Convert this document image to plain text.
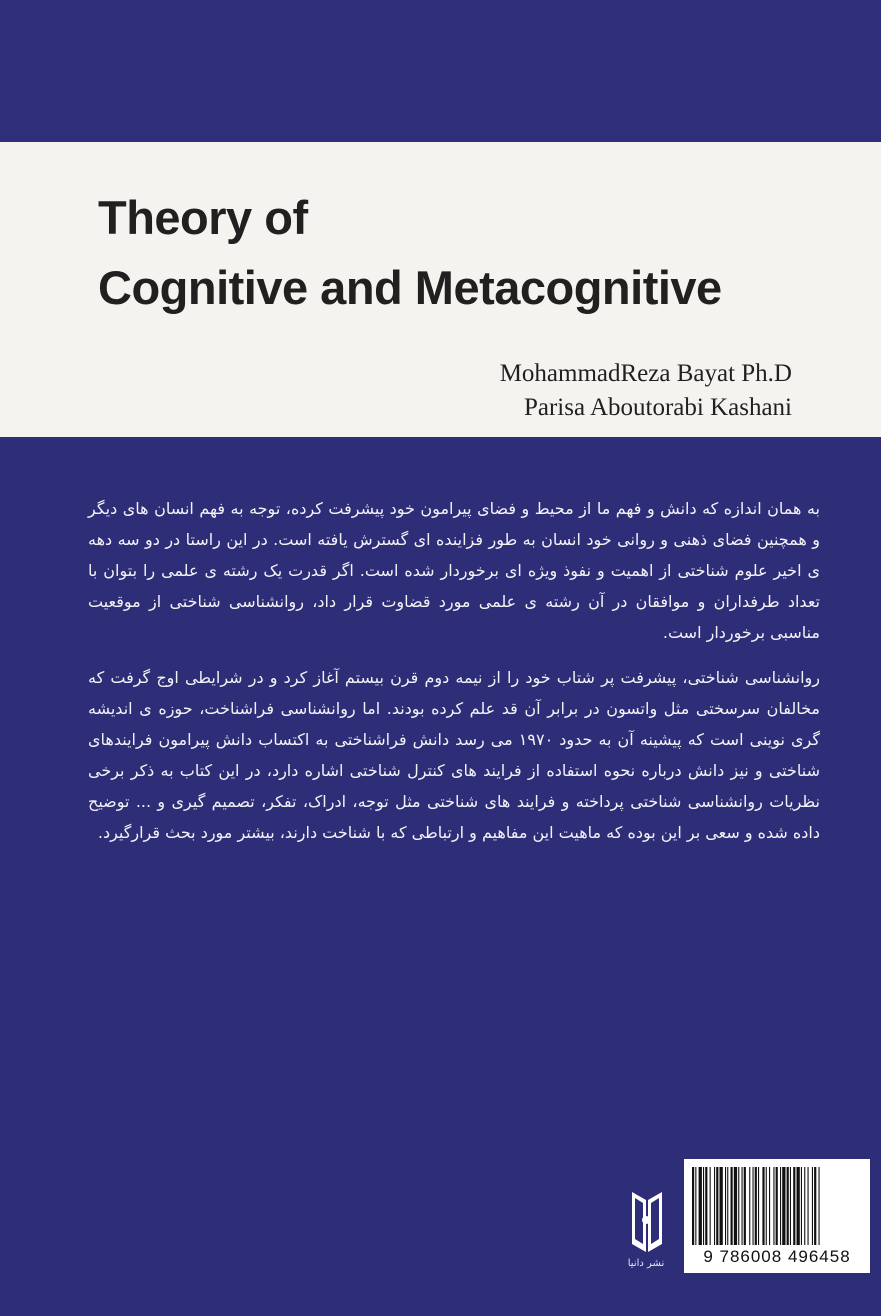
Theory of
Cognitive and Metacognitive
MohammadReza Bayat Ph.D
Parisa Aboutorabi Kashani

به همان اندازه که دانش و فهم ما از محیط و فضای پیرامون خود پیشرفت کرده، توجه به فهم انسان های دیگر و همچنین فضای ذهنی و روانی خود انسان به طور فزاینده ای گسترش یافته است. در این راستا در دو سه دهه ی اخیر علوم شناختی از اهمیت و نفوذ ویژه ای برخوردار شده است. اگر قدرت یک رشته ی علمی را بتوان با تعداد طرفداران و موافقان در آن رشته ی علمی مورد قضاوت قرار داد، روانشناسی شناختی از موقعیت مناسبی برخوردار است.

روانشناسی شناختی، پیشرفت پر شتاب خود را از نیمه دوم قرن بیستم آغاز کرد و در شرایطی اوج گرفت که مخالفان سرسختی مثل واتسون در برابر آن قد علم کرده بودند. اما روانشناسی فراشناخت، حوزه ی اندیشه گری نوینی است که پیشینه آن به حدود ۱۹۷۰ می رسد دانش فراشناختی به اکتساب دانش پیرامون فرایندهای شناختی و نیز دانش درباره نحوه استفاده از فرایند های کنترل شناختی اشاره دارد، در این کتاب به ذکر برخی نظریات روانشناسی شناختی پرداخته و فرایند های شناختی مثل توجه، ادراک، تفکر، تصمیم گیری و ... توضیح داده شده و سعی بر این بوده که ماهیت این مفاهیم و ارتباطی که با شناخت دارند، بیشتر مورد بحث قرارگیرد.

نشر دانیا	9 786008 496458
